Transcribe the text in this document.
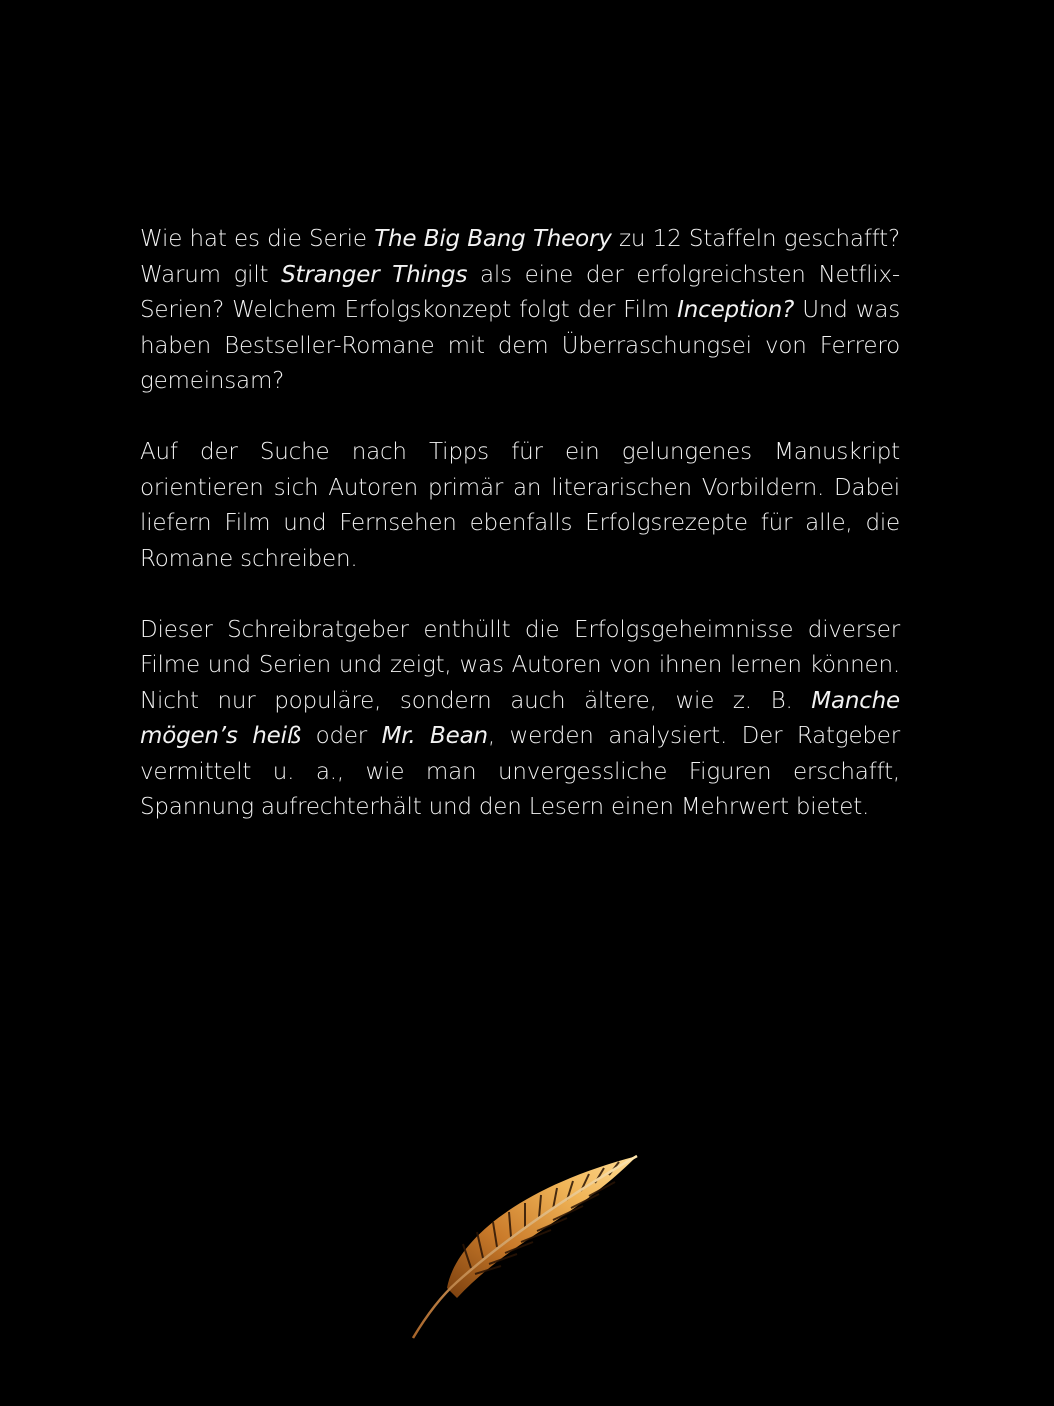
Wie hat es die Serie The Big Bang Theory zu 12 Staffeln geschafft? Warum gilt Stranger Things als eine der erfolgreichsten Netflix-Serien? Welchem Erfolgskonzept folgt der Film Inception? Und was haben Bestseller-Romane mit dem Überraschungsei von Ferrero gemeinsam?

Auf der Suche nach Tipps für ein gelungenes Manuskript orientieren sich Autoren primär an literarischen Vorbildern. Dabei liefern Film und Fernsehen ebenfalls Erfolgsrezepte für alle, die Romane schreiben.

Dieser Schreibratgeber enthüllt die Erfolgsgeheimnisse diverser Filme und Serien und zeigt, was Autoren von ihnen lernen können. Nicht nur populäre, sondern auch ältere, wie z. B. Manche mögen’s heiß oder Mr. Bean, werden analysiert. Der Ratgeber vermittelt u. a., wie man unvergessliche Figuren erschafft, Spannung aufrechterhält und den Lesern einen Mehrwert bietet.
